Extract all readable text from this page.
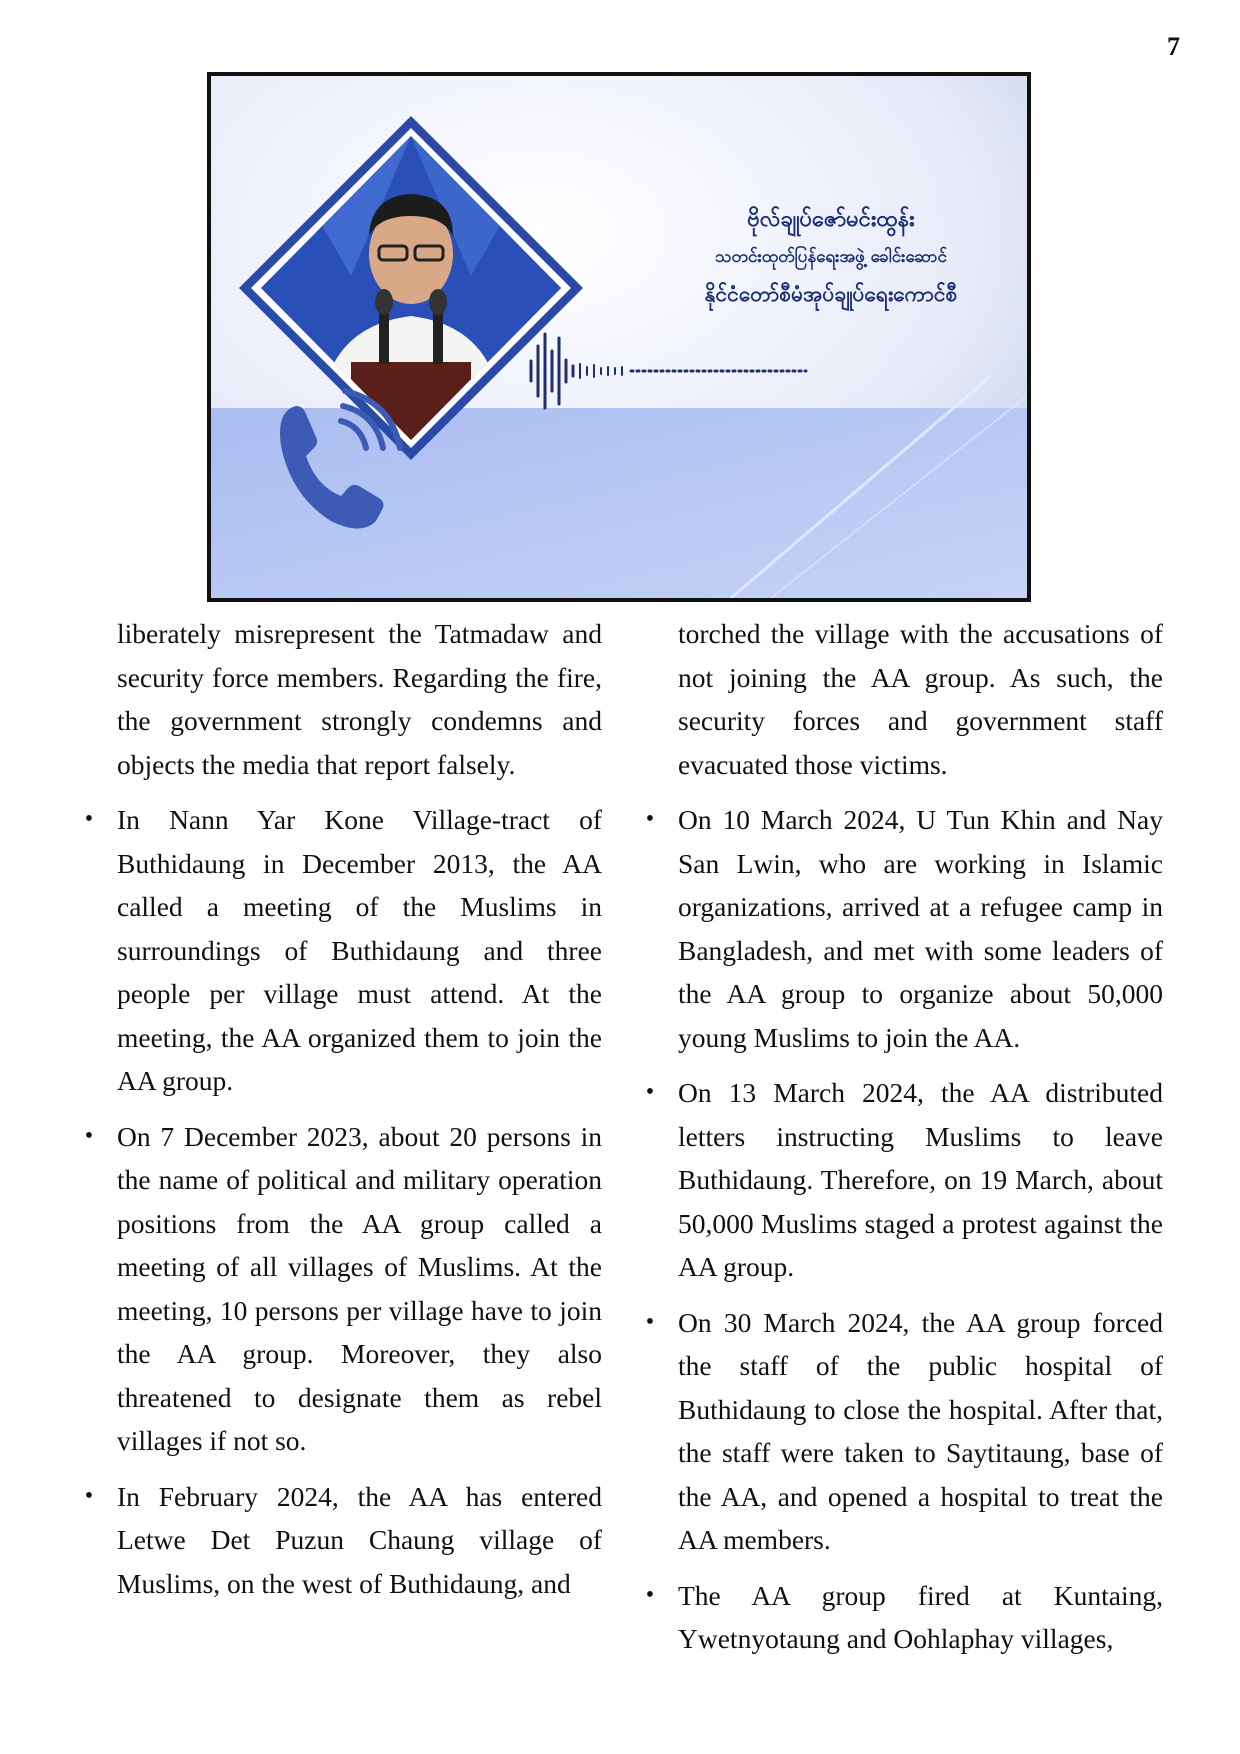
7
ဗိုလ်ချုပ်ဇော်မင်းထွန်း
သတင်းထုတ်ပြန်ရေးအဖွဲ့ ခေါင်းဆောင်
နိုင်ငံတော်စီမံအုပ်ချုပ်ရေးကောင်စီ

liberately misrepresent the Tatmadaw and security force members. Regarding the fire, the government strongly condemns and objects the media that report falsely.

• In Nann Yar Kone Village-tract of Buthidaung in December 2013, the AA called a meeting of the Muslims in surroundings of Buthidaung and three people per village must attend. At the meeting, the AA organized them to join the AA group.
• On 7 December 2023, about 20 persons in the name of political and military operation positions from the AA group called a meeting of all villages of Muslims. At the meeting, 10 persons per village have to join the AA group. Moreover, they also threatened to designate them as rebel villages if not so.
• In February 2024, the AA has entered Letwe Det Puzun Chaung village of Muslims, on the west of Buthidaung, and

torched the village with the accusations of not joining the AA group. As such, the security forces and government staff evacuated those victims.

• On 10 March 2024, U Tun Khin and Nay San Lwin, who are working in Islamic organizations, arrived at a refugee camp in Bangladesh, and met with some leaders of the AA group to organize about 50,000 young Muslims to join the AA.
• On 13 March 2024, the AA distributed letters instructing Muslims to leave Buthidaung. Therefore, on 19 March, about 50,000 Muslims staged a protest against the AA group.
• On 30 March 2024, the AA group forced the staff of the public hospital of Buthidaung to close the hospital. After that, the staff were taken to Saytitaung, base of the AA, and opened a hospital to treat the AA members.
• The AA group fired at Kuntaing, Ywetnyotaung and Oohlaphay villages,
